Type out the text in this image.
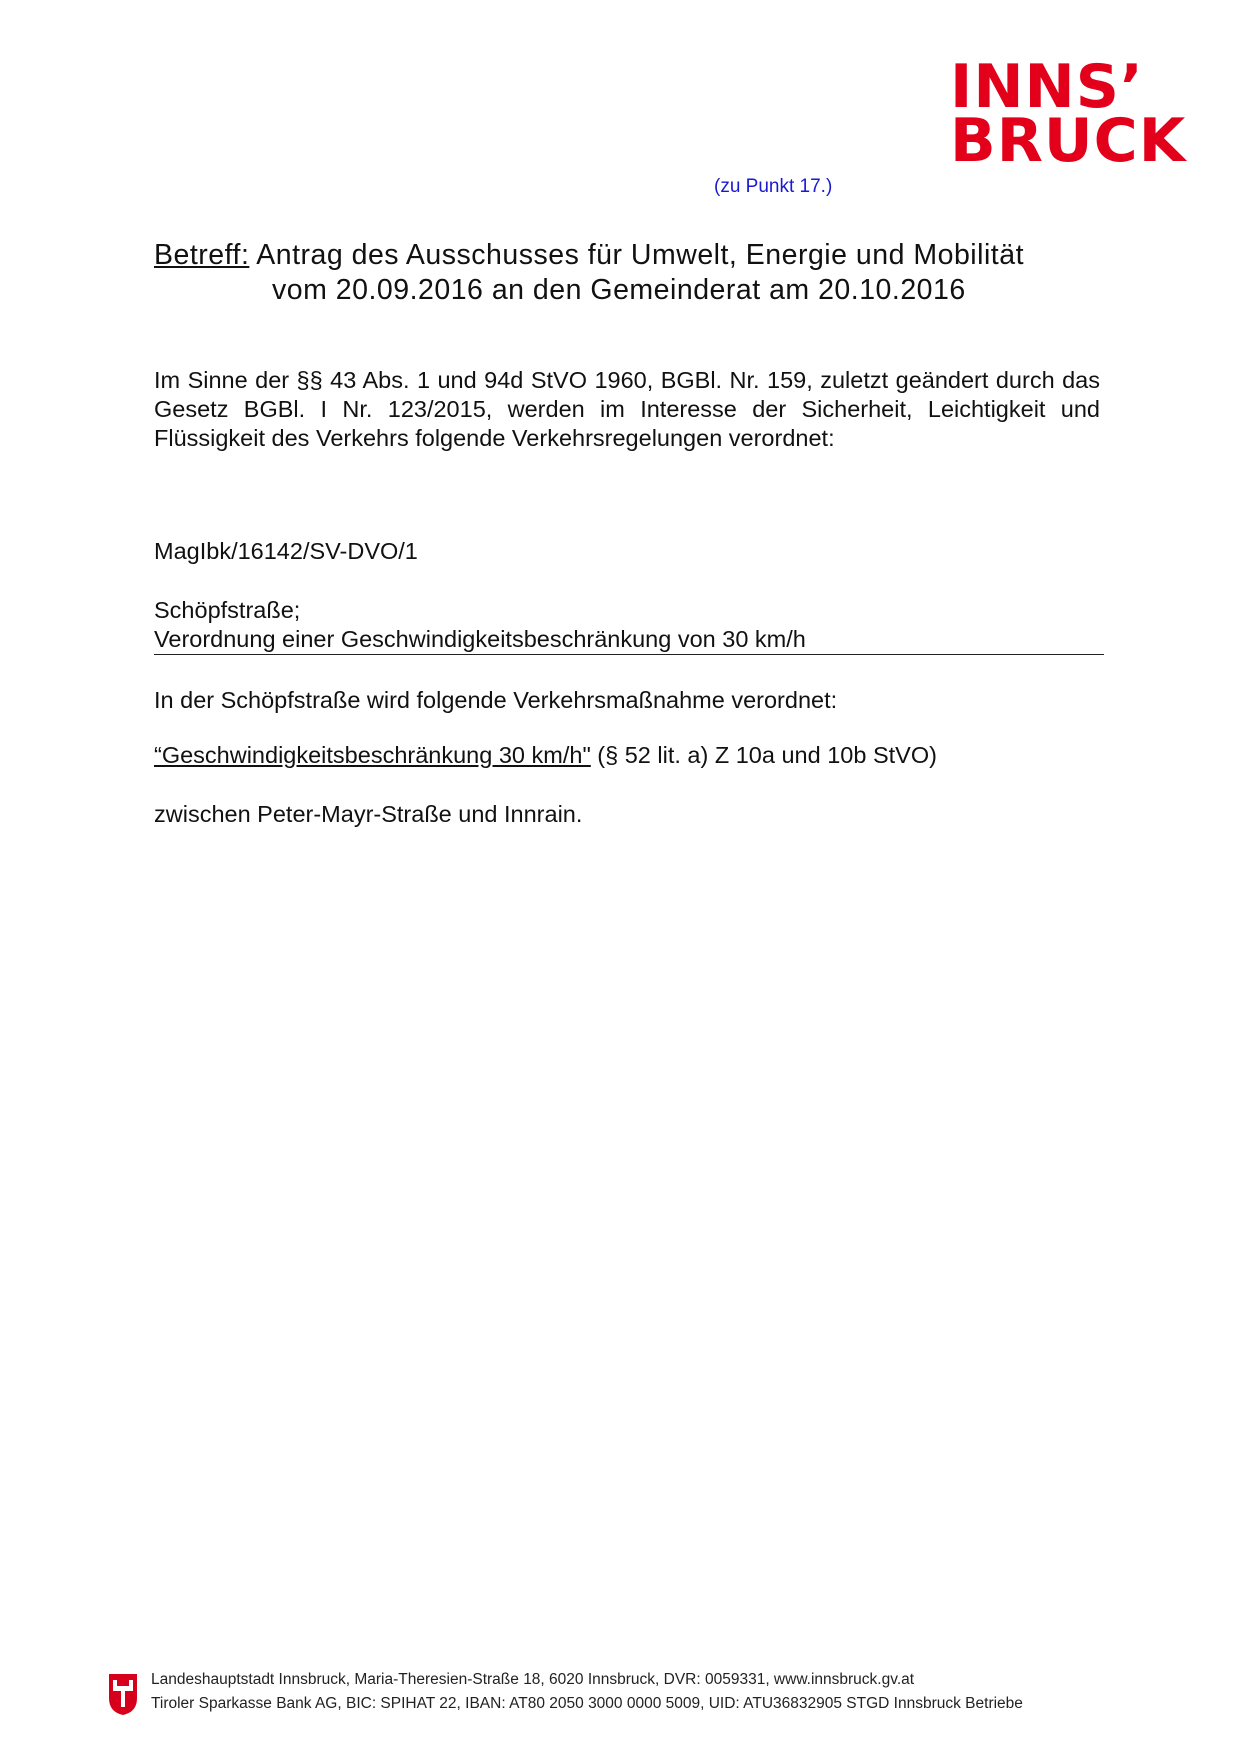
INNS’
BRUCK
(zu Punkt 17.)
Betreff: Antrag des Ausschusses für Umwelt, Energie und Mobilität
vom 20.09.2016 an den Gemeinderat am 20.10.2016
Im Sinne der §§ 43 Abs. 1 und 94d StVO 1960, BGBl. Nr. 159, zuletzt geändert durch das Gesetz BGBl. I Nr. 123/2015, werden im Interesse der Sicherheit, Leichtigkeit und Flüssigkeit des Verkehrs folgende Verkehrsregelungen verordnet:
MagIbk/16142/SV-DVO/1
Schöpfstraße;
Verordnung einer Geschwindigkeitsbeschränkung von 30 km/h
In der Schöpfstraße wird folgende Verkehrsmaßnahme verordnet:
“Geschwindigkeitsbeschränkung 30 km/h" (§ 52 lit. a) Z 10a und 10b StVO)
zwischen Peter-Mayr-Straße und Innrain.
Landeshauptstadt Innsbruck, Maria-Theresien-Straße 18, 6020 Innsbruck, DVR: 0059331, www.innsbruck.gv.at
Tiroler Sparkasse Bank AG, BIC: SPIHAT 22, IBAN: AT80 2050 3000 0000 5009, UID: ATU36832905 STGD Innsbruck Betriebe
